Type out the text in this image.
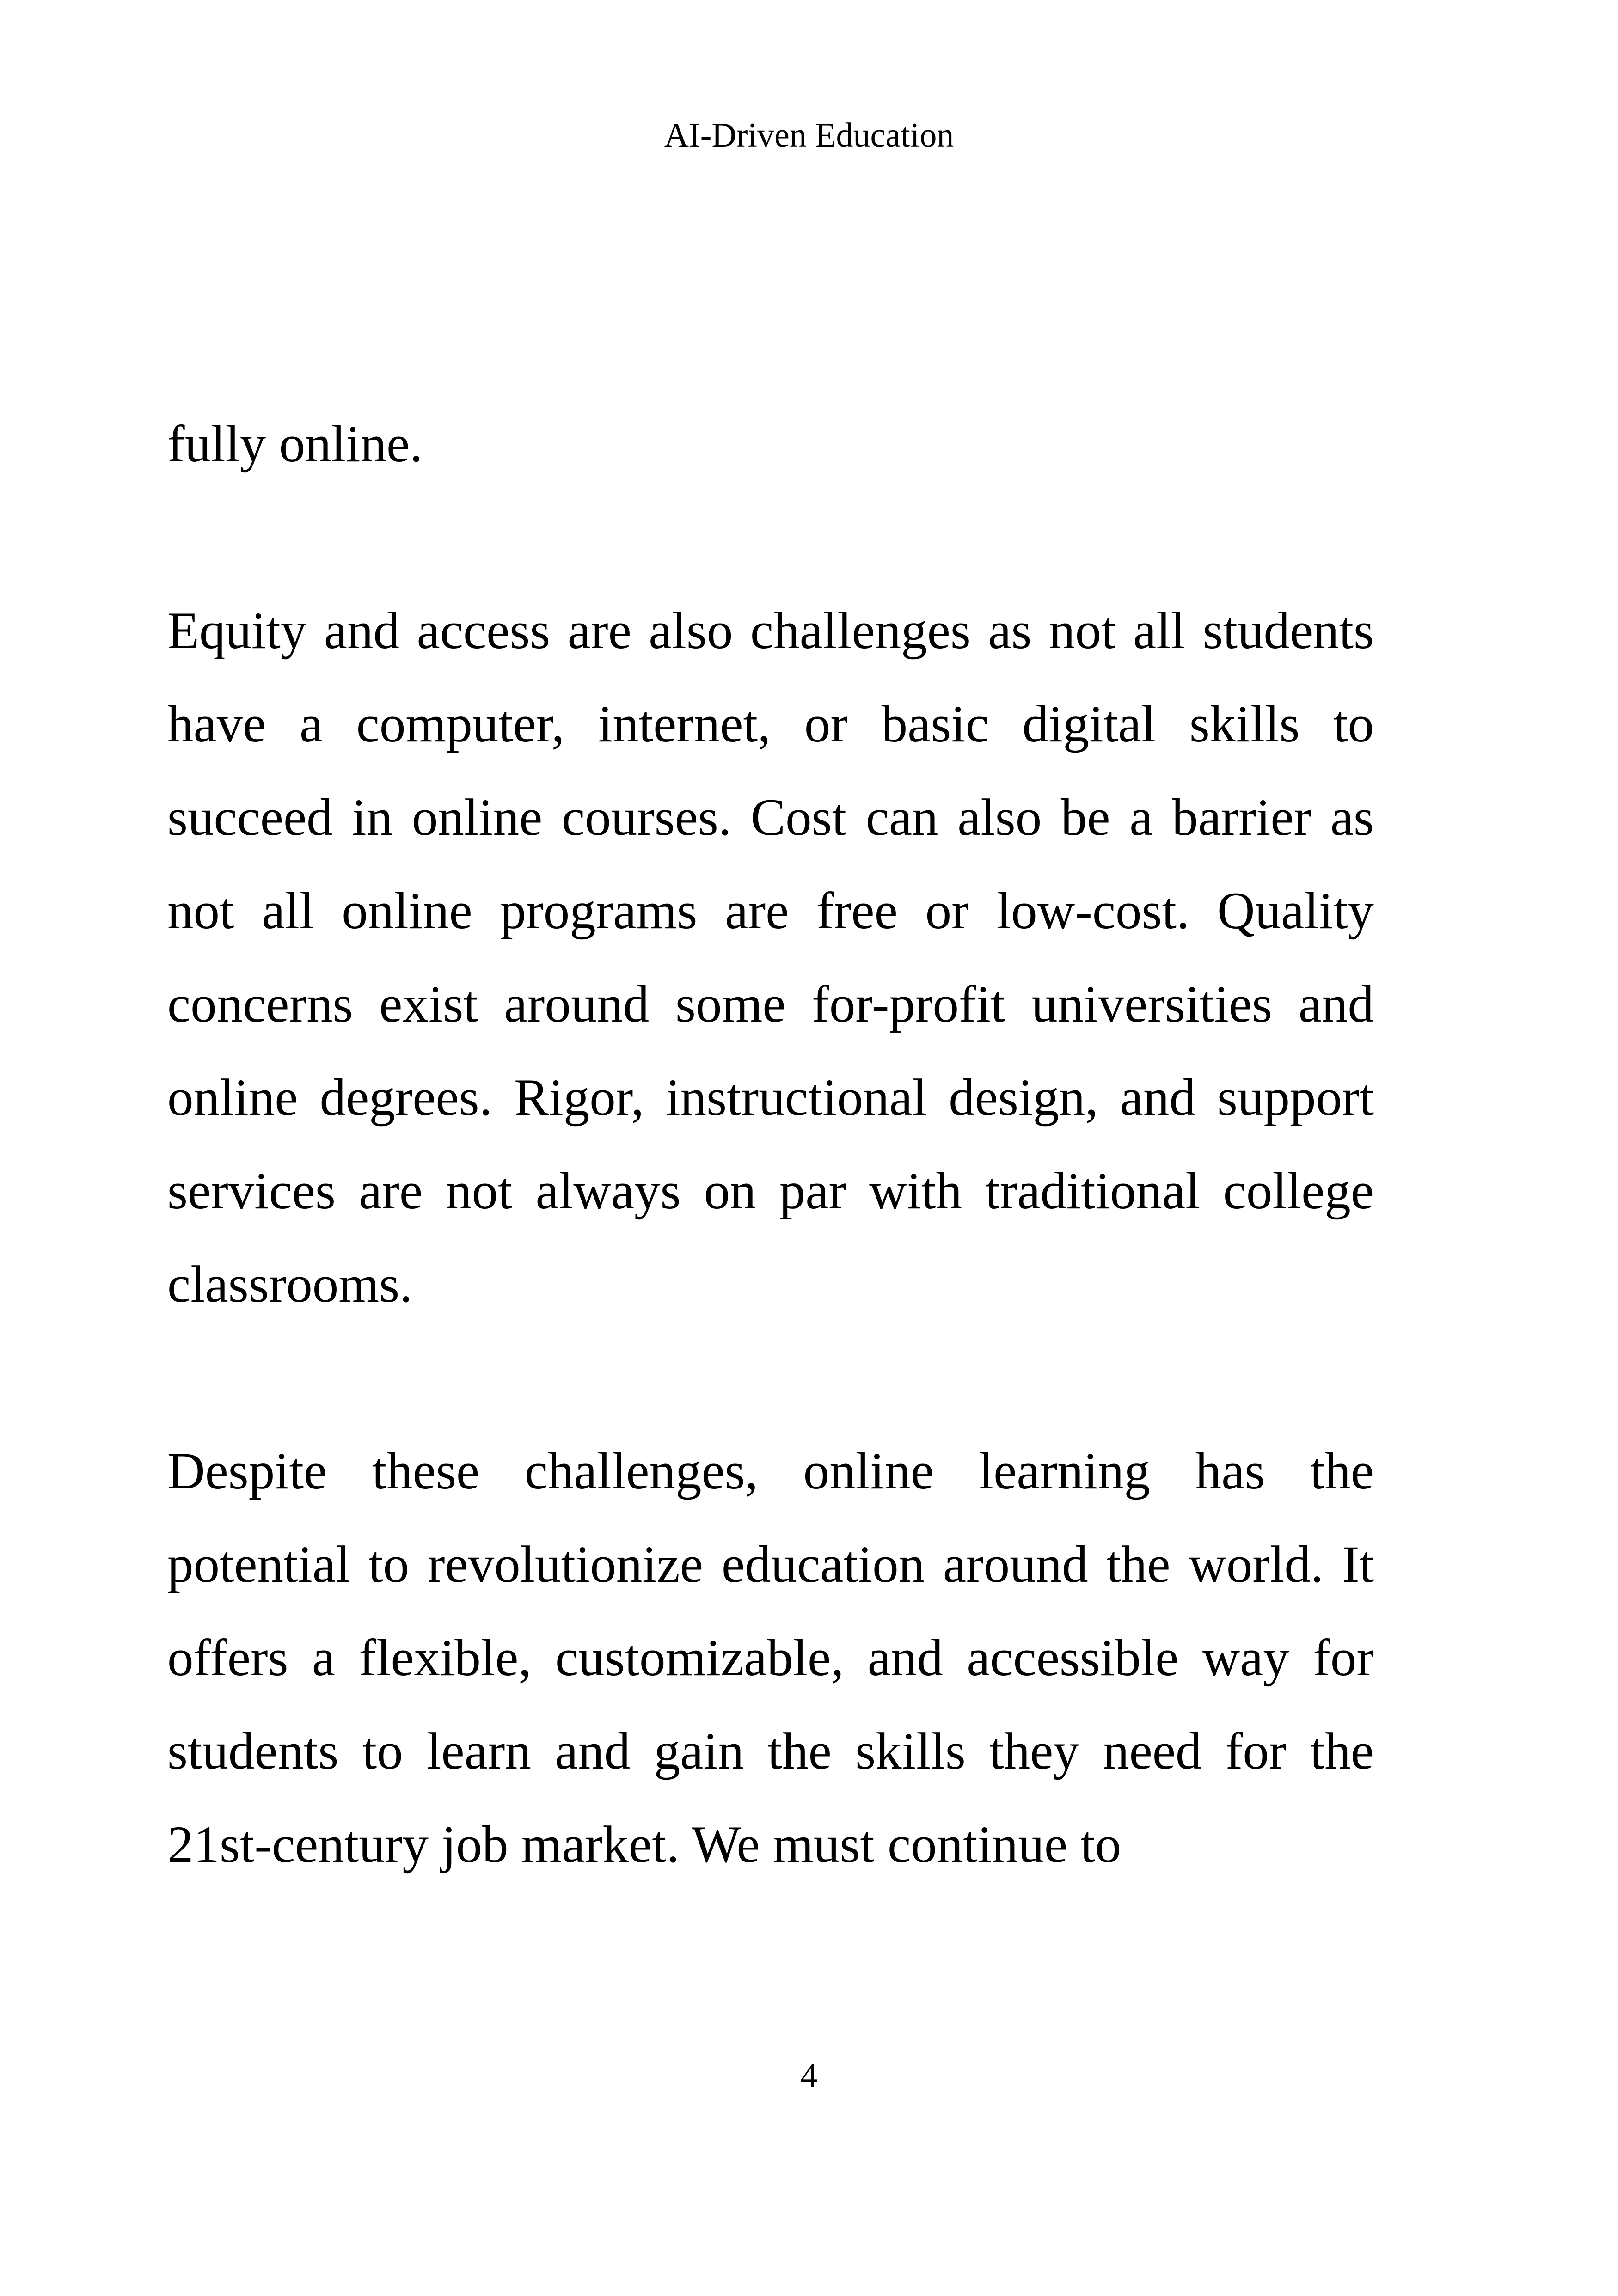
AI-Driven Education

fully online.

Equity and access are also challenges as not all students have a computer, internet, or basic digital skills to succeed in online courses. Cost can also be a barrier as not all online programs are free or low-cost. Quality concerns exist around some for-profit universities and online degrees. Rigor, instructional design, and support services are not always on par with traditional college classrooms.

Despite these challenges, online learning has the potential to revolutionize education around the world. It offers a flexible, customizable, and accessible way for students to learn and gain the skills they need for the 21st-century job market. We must continue to

4
